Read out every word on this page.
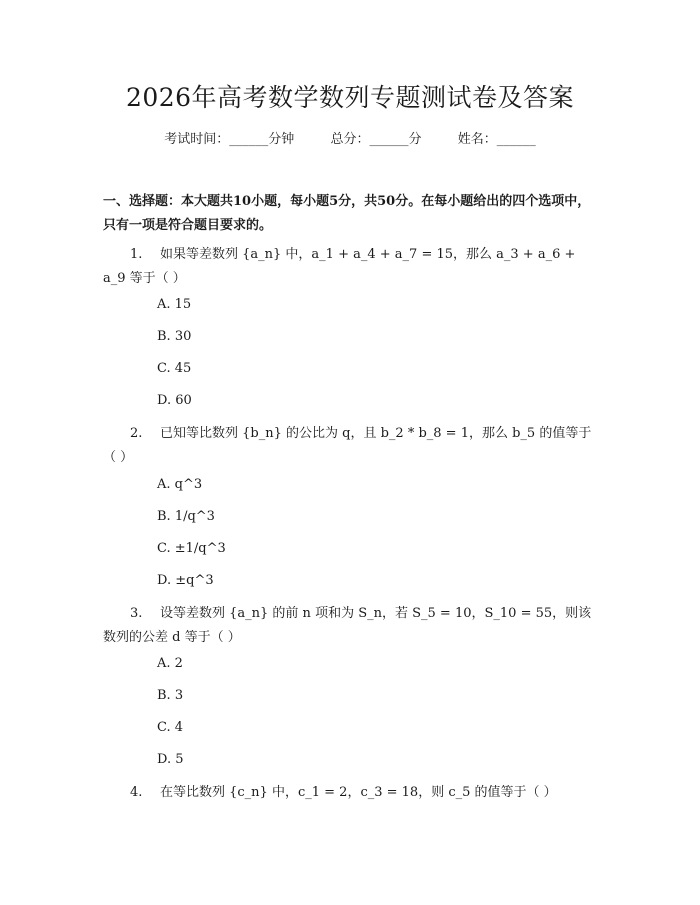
2026年高考数学数列专题测试卷及答案
考试时间：______分钟	总分：______分	姓名：______
一、选择题：本大题共10小题，每小题5分，共50分。在每小题给出的四个选项中，只有一项是符合题目要求的。
1. 如果等差数列 {a_n} 中，a_1 + a_4 + a_7 = 15，那么 a_3 + a_6 + a_9 等于（ ）
A. 15
B. 30
C. 45
D. 60
2. 已知等比数列 {b_n} 的公比为 q，且 b_2 * b_8 = 1，那么 b_5 的值等于（ ）
A. q^3
B. 1/q^3
C. ±1/q^3
D. ±q^3
3. 设等差数列 {a_n} 的前 n 项和为 S_n，若 S_5 = 10，S_10 = 55，则该数列的公差 d 等于（ ）
A. 2
B. 3
C. 4
D. 5
4. 在等比数列 {c_n} 中，c_1 = 2，c_3 = 18，则 c_5 的值等于（ ）
